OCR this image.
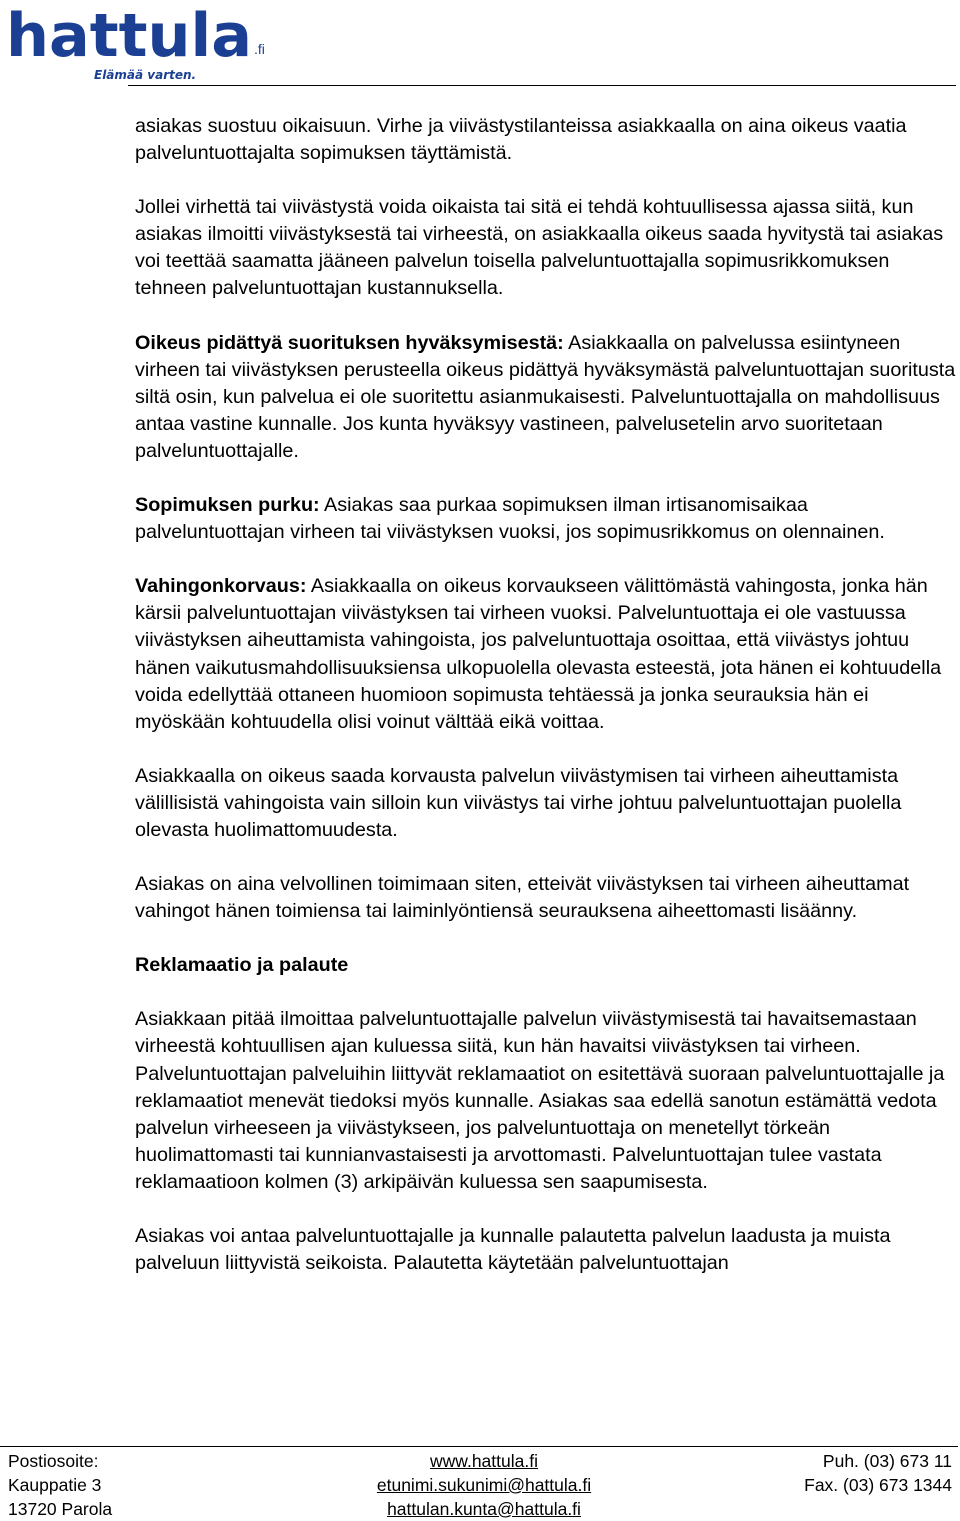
hattula .fi
Elämää varten.

asiakas suostuu oikaisuun. Virhe ja viivästystilanteissa asiakkaalla on aina oikeus vaatia palveluntuottajalta sopimuksen täyttämistä.

Jollei virhettä tai viivästystä voida oikaista tai sitä ei tehdä kohtuullisessa ajassa siitä, kun asiakas ilmoitti viivästyksestä tai virheestä, on asiakkaalla oikeus saada hyvitystä tai asiakas voi teettää saamatta jääneen palvelun toisella palveluntuottajalla sopimusrikkomuksen tehneen palveluntuottajan kustannuksella.

Oikeus pidättyä suorituksen hyväksymisestä: Asiakkaalla on palvelussa esiintyneen virheen tai viivästyksen perusteella oikeus pidättyä hyväksymästä palveluntuottajan suoritusta siltä osin, kun palvelua ei ole suoritettu asianmukaisesti. Palveluntuottajalla on mahdollisuus antaa vastine kunnalle. Jos kunta hyväksyy vastineen, palvelusetelin arvo suoritetaan palveluntuottajalle.

Sopimuksen purku: Asiakas saa purkaa sopimuksen ilman irtisanomisaikaa palveluntuottajan virheen tai viivästyksen vuoksi, jos sopimusrikkomus on olennainen.

Vahingonkorvaus: Asiakkaalla on oikeus korvaukseen välittömästä vahingosta, jonka hän kärsii palveluntuottajan viivästyksen tai virheen vuoksi. Palveluntuottaja ei ole vastuussa viivästyksen aiheuttamista vahingoista, jos palveluntuottaja osoittaa, että viivästys johtuu hänen vaikutusmahdollisuuksiensa ulkopuolella olevasta esteestä, jota hänen ei kohtuudella voida edellyttää ottaneen huomioon sopimusta tehtäessä ja jonka seurauksia hän ei myöskään kohtuudella olisi voinut välttää eikä voittaa.

Asiakkaalla on oikeus saada korvausta palvelun viivästymisen tai virheen aiheuttamista välillisistä vahingoista vain silloin kun viivästys tai virhe johtuu palveluntuottajan puolella olevasta huolimattomuudesta.

Asiakas on aina velvollinen toimimaan siten, etteivät viivästyksen tai virheen aiheuttamat vahingot hänen toimiensa tai laiminlyöntiensä seurauksena aiheettomasti lisäänny.

Reklamaatio ja palaute

Asiakkaan pitää ilmoittaa palveluntuottajalle palvelun viivästymisestä tai havaitsemastaan virheestä kohtuullisen ajan kuluessa siitä, kun hän havaitsi viivästyksen tai virheen. Palveluntuottajan palveluihin liittyvät reklamaatiot on esitettävä suoraan palveluntuottajalle ja reklamaatiot menevät tiedoksi myös kunnalle. Asiakas saa edellä sanotun estämättä vedota palvelun virheeseen ja viivästykseen, jos palveluntuottaja on menetellyt törkeän huolimattomasti tai kunnianvastaisesti ja arvottomasti. Palveluntuottajan tulee vastata reklamaatioon kolmen (3) arkipäivän kuluessa sen saapumisesta.

Asiakas voi antaa palveluntuottajalle ja kunnalle palautetta palvelun laadusta ja muista palveluun liittyvistä seikoista. Palautetta käytetään palveluntuottajan

Postiosoite:
Kauppatie 3
13720 Parola
www.hattula.fi
etunimi.sukunimi@hattula.fi
hattulan.kunta@hattula.fi
Puh. (03) 673 11
Fax. (03) 673 1344
